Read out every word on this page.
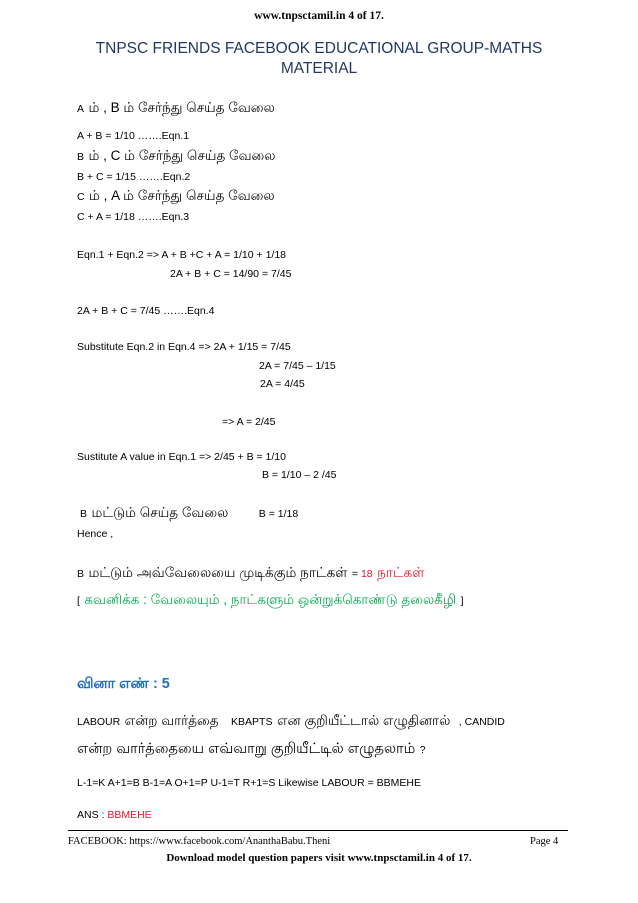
www.tnpsctamil.in 4 of 17.
TNPSC FRIENDS FACEBOOK EDUCATIONAL GROUP-MATHS
MATERIAL
A ம் , B ம் சேர்ந்து செய்த வேலை
A + B = 1/10 …….Eqn.1
B ம் , C ம் சேர்ந்து செய்த வேலை
B + C = 1/15 …….Eqn.2
C ம் , A ம் சேர்ந்து செய்த வேலை
C + A = 1/18 …….Eqn.3
Eqn.1 + Eqn.2 => A + B +C + A = 1/10 + 1/18
2A + B + C = 14/90 = 7/45
2A + B + C = 7/45 …….Eqn.4
Substitute Eqn.2 in Eqn.4 => 2A + 1/15 = 7/45
2A = 7/45 – 1/15
2A = 4/45
=> A = 2/45
Sustitute A value in Eqn.1 => 2/45 + B = 1/10
B = 1/10 – 2 /45
B மட்டும் செய்த வேலை	B = 1/18
Hence ,
B மட்டும் அவ்வேலையை முடிக்கும் நாட்கள் = 18 நாட்கள்
[ கவனிக்க : வேலையும் , நாட்களும் ஒன்றுக்கொண்டு தலைகீழி ]
வினா எண் : 5
LABOUR என்ற வார்த்தை KBAPTS என குறியீட்டால் எழுதினால் , CANDID
என்ற வார்த்தையை எவ்வாறு குறியீட்டில் எழுதலாம் ?
L-1=K A+1=B B-1=A O+1=P U-1=T R+1=S Likewise LABOUR = BBMEHE
ANS : BBMEHE
FACEBOOK: https://www.facebook.com/AnanthaBabu.Theni	Page 4
Download model question papers visit www.tnpsctamil.in 4 of 17.
